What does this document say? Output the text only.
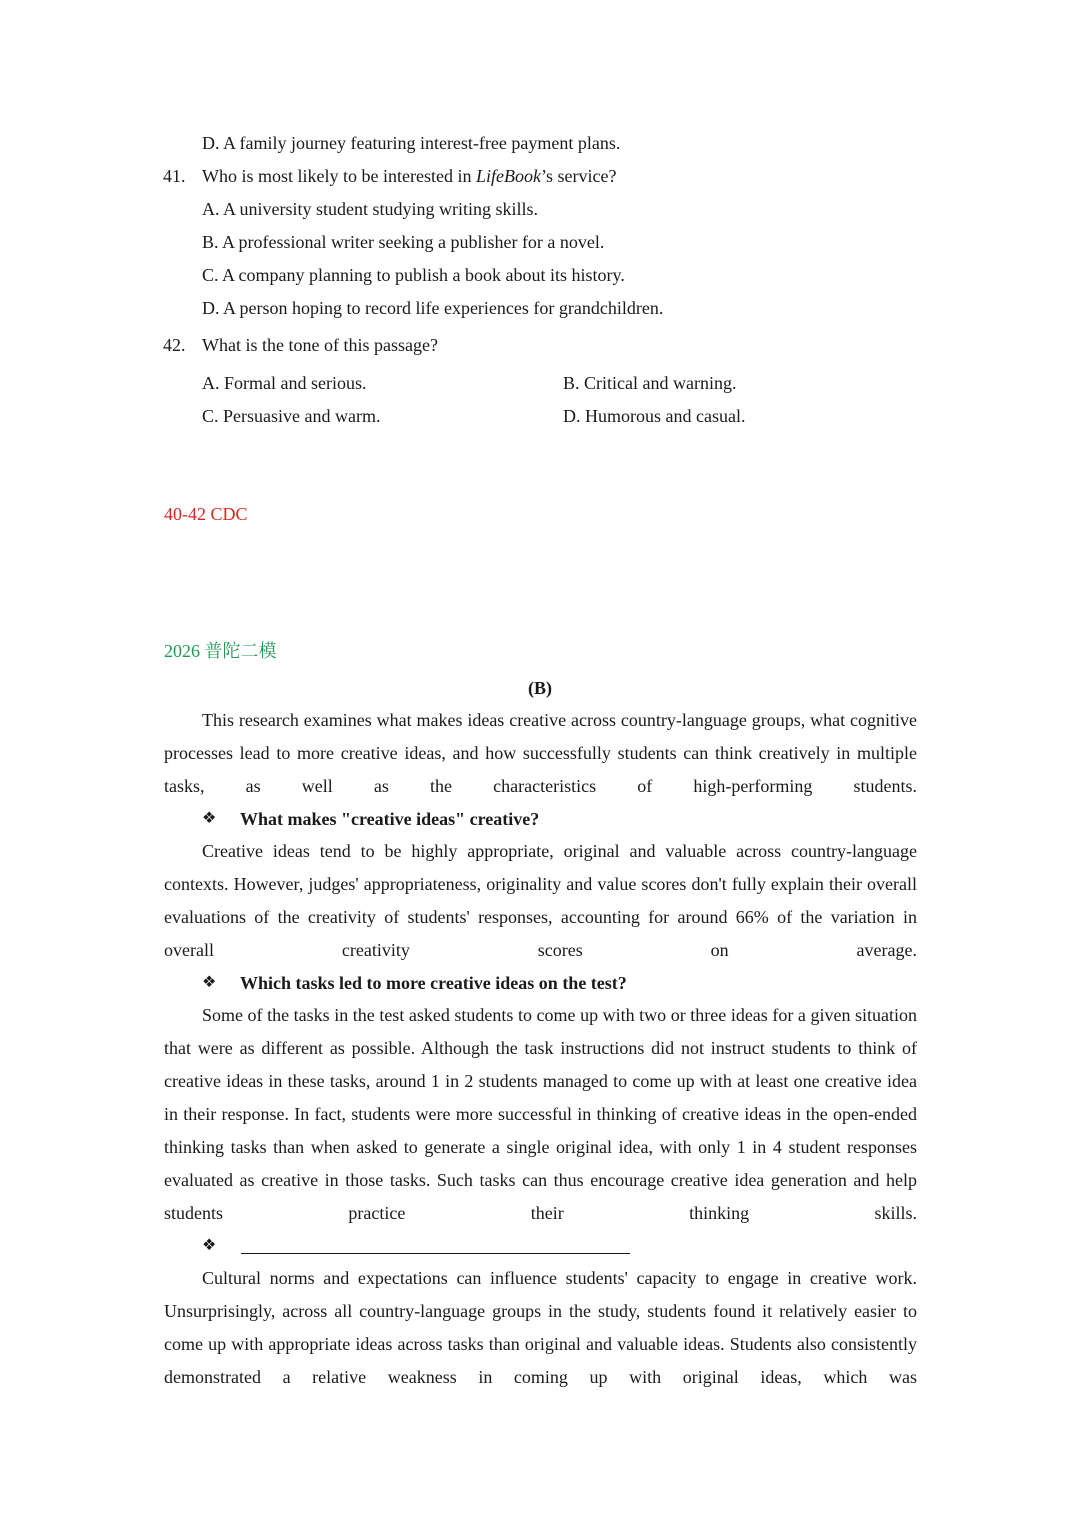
D. A family journey featuring interest-free payment plans.
41. Who is most likely to be interested in LifeBook’s service?
A. A university student studying writing skills.
B. A professional writer seeking a publisher for a novel.
C. A company planning to publish a book about its history.
D. A person hoping to record life experiences for grandchildren.
42. What is the tone of this passage?
A. Formal and serious.	B. Critical and warning.
C. Persuasive and warm.	D. Humorous and casual.
40-42 CDC
2026 普陀二模
(B)

This research examines what makes ideas creative across country-language groups, what cognitive processes lead to more creative ideas, and how successfully students can think creatively in multiple tasks, as well as the characteristics of high-performing students.

❖ What makes "creative ideas" creative?

Creative ideas tend to be highly appropriate, original and valuable across country-language contexts. However, judges' appropriateness, originality and value scores don't fully explain their overall evaluations of the creativity of students' responses, accounting for around 66% of the variation in overall creativity scores on average.

❖ Which tasks led to more creative ideas on the test?

Some of the tasks in the test asked students to come up with two or three ideas for a given situation that were as different as possible. Although the task instructions did not instruct students to think of creative ideas in these tasks, around 1 in 2 students managed to come up with at least one creative idea in their response. In fact, students were more successful in thinking of creative ideas in the open-ended thinking tasks than when asked to generate a single original idea, with only 1 in 4 student responses evaluated as creative in those tasks. Such tasks can thus encourage creative idea generation and help students practice their thinking skills.

❖

Cultural norms and expectations can influence students' capacity to engage in creative work. Unsurprisingly, across all country-language groups in the study, students found it relatively easier to come up with appropriate ideas across tasks than original and valuable ideas. Students also consistently demonstrated a relative weakness in coming up with original ideas, which was
